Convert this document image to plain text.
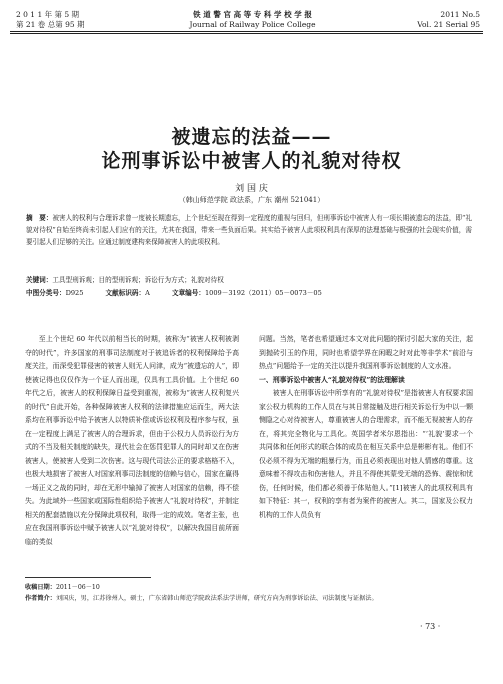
2 0 1 1 年 第 5 期
第 21 卷 总第 95 期
铁 道 警 官 高 等 专 科 学 校 学 报
Journal of Railway Police College
2011 No.5
Vol. 21 Serial 95
被遗忘的法益——
论刑事诉讼中被害人的礼貌对待权
刘 国 庆
（韩山师范学院 政法系，广东 潮州 521041）
摘　要：被害人的权利与合理诉求曾一度被长期遗忘，上个世纪至现在得到一定程度的重视与回归，但刑事诉讼中被害人有一项长期被遗忘的法益，即“礼貌对待权”自始至终尚未引起人们应有的关注，尤其在我国，带来一些负面后果。其实给予被害人此项权利具有深厚的法理基础与极强的社会现实价值，需要引起人们足够的关注。应通过制度建构来保障被害人的此项权利。
关键词：工具型刑诉观；目的型刑诉观；诉讼行为方式；礼貌对待权
中图分类号：D925	文献标识码：A	文章编号：1009－3192（2011）05－0073－05

至上个世纪 60 年代以前相当长的时期，被称为“被害人权利被剥夺的时代”，许多国家的刑事司法制度对于被追诉者的权利保障给予高度关注，而深受犯罪侵害的被害人则无人问津，成为“被遗忘的人”，即使被记得也仅仅作为一个证人而出现，仅具有工具价值。上个世纪 60 年代之后，被害人的权利保障日益受到重视，被称为“被害人权利复兴的时代”自此开始，各种保障被害人权利的法律措施应运而生，两大法系均在刑事诉讼中给予被害人以特质补偿或诉讼权利及程序参与权，虽在一定程度上满足了被害人的合理诉求，但由于公权力人员诉讼行为方式的不当及相关制度的缺失，现代社会在惩罚犯罪人的同时却又在伤害被害人，使被害人受到二次伤害。这与现代司法公正的要求格格不入，也极大地损害了被害人对国家刑事司法制度的信赖与信心，国家在赢得一场正义之战的同时，却在无形中输掉了被害人对国家的信赖，得不偿失。为此域外一些国家或国际性组织给予被害人“礼貌对待权”，并制定相关的配套措施以充分保障此项权利，取得一定的成效。笔者主张，也应在我国刑事诉讼中赋予被害人以“礼貌对待权”，以解决我国目前所面临的类似

问题。当然，笔者也希望通过本文对此问题的探讨引起大家的关注，起到抛砖引玉的作用，同时也希望学界在闲暇之时对此等非学术“前沿与热点”问题给予一定的关注以提升我国刑事诉讼制度的人文水准。

一、刑事诉讼中被害人“礼貌对待权”的法理解读

被害人在刑事诉讼中所享有的“礼貌对待权”是指被害人有权要求国家公权力机构的工作人员在与其日常接触及进行相关诉讼行为中以一颗恻隐之心对待被害人，尊重被害人的合理需求，而不能无视被害人的存在，将其完全物化与工具化。英国学者米尔恩指出：“‘礼貌’要求一个共同体和任何形式的联合体的成员在相互关系中总是彬彬有礼。他们不仅必须不得为无端的粗暴行为，而且必须表现出对他人情感的尊重。这意味着不得攻击和伤害他人，并且不得使其蒙受无端的恐怖、震惊和忧伤，任何时候，他们都必须善于体贴他人。”[1]被害人的此项权利具有如下特征：其一，权利的享有者为案件的被害人。其二，国家及公权力机构的工作人员负有

收稿日期：2011－06－10
作者简介：刘国庆，男，江苏徐州人，硕士，广东省韩山师范学院政法系法学讲师，研究方向为刑事诉讼法、司法制度与证据法。
· 73 ·
